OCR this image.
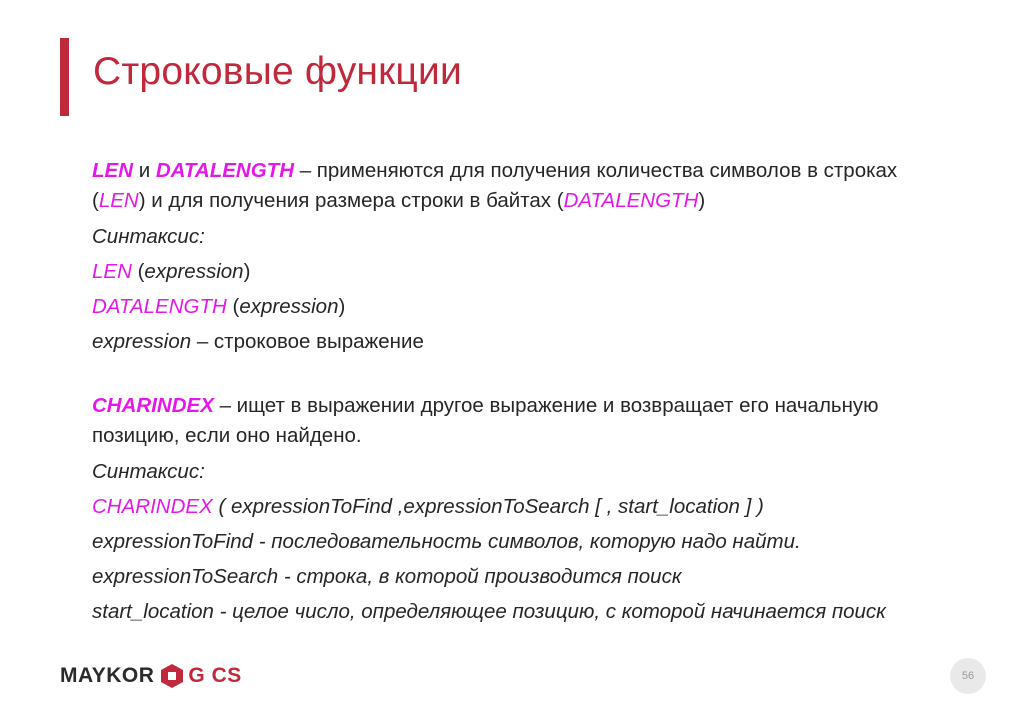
Строковые функции
LEN и DATALENGTH – применяются для получения количества символов в строках
(LEN) и для получения размера строки в байтах (DATALENGTH)
Синтаксис:
LEN (expression)
DATALENGTH (expression)
expression – строковое выражение
CHARINDEX – ищет в выражении другое выражение и возвращает его начальную
позицию, если оно найдено.
Синтаксис:
CHARINDEX ( expressionToFind ,expressionToSearch [ , start_location ] )
expressionToFind - последовательность символов, которую надо найти.
expressionToSearch - строка, в которой производится поиск
start_location - целое число, определяющее позицию, с которой начинается поиск
MAYKOR G CS	56
